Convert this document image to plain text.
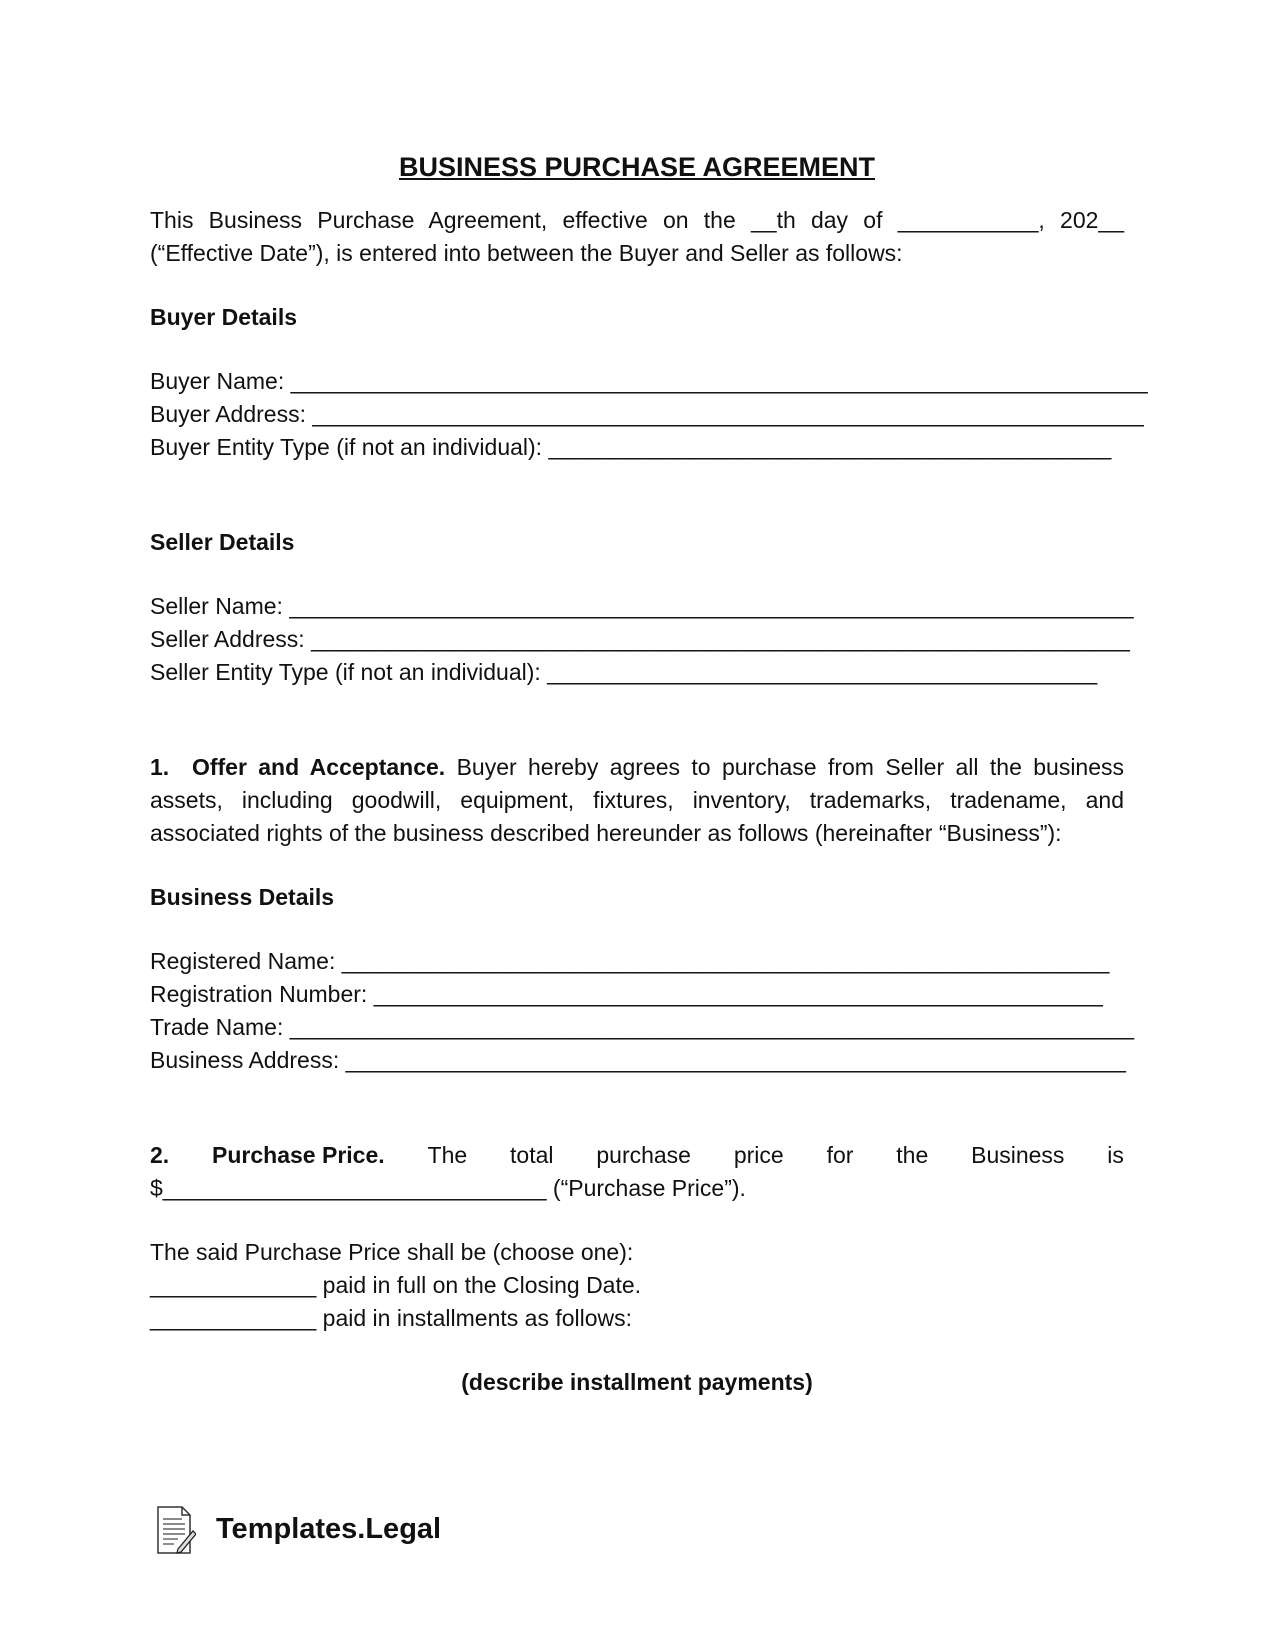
BUSINESS PURCHASE AGREEMENT
This Business Purchase Agreement, effective on the __th day of ___________, 202__
(“Effective Date”), is entered into between the Buyer and Seller as follows:
Buyer Details
Buyer Name: ___________________________________________________________________
Buyer Address: _________________________________________________________________
Buyer Entity Type (if not an individual): ____________________________________________
Seller Details
Seller Name: __________________________________________________________________
Seller Address: ________________________________________________________________
Seller Entity Type (if not an individual): ___________________________________________
1. Offer and Acceptance. Buyer hereby agrees to purchase from Seller all the business assets, including goodwill, equipment, fixtures, inventory, trademarks, tradename, and associated rights of the business described hereunder as follows (hereinafter “Business”):
Business Details
Registered Name: ____________________________________________________________
Registration Number: _________________________________________________________
Trade Name: __________________________________________________________________
Business Address: _____________________________________________________________
2. Purchase Price. The total purchase price for the Business is
$______________________________ (“Purchase Price”).
The said Purchase Price shall be (choose one):
_____________ paid in full on the Closing Date.
_____________ paid in installments as follows:
(describe installment payments)
Templates.Legal
